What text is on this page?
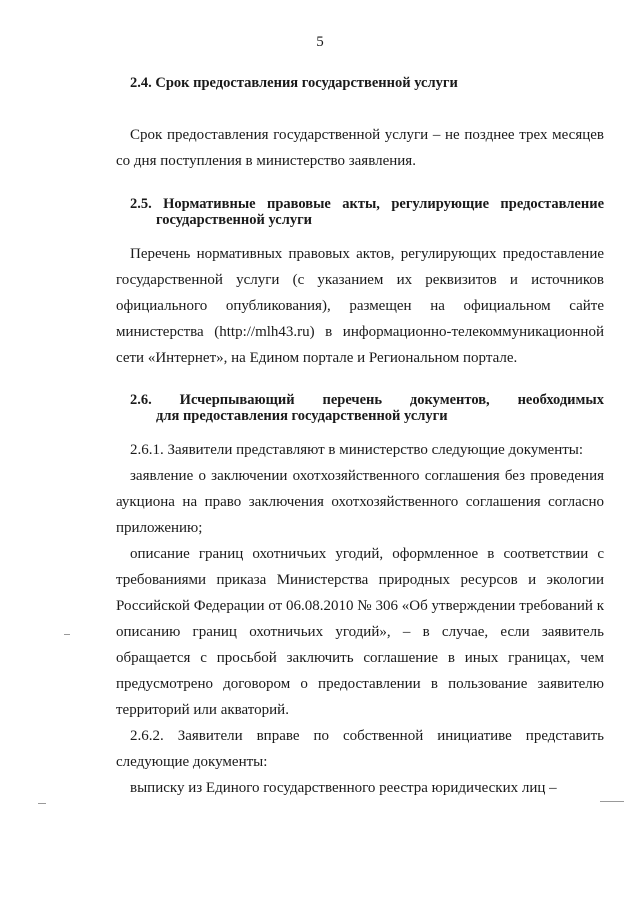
5
2.4. Срок предоставления государственной услуги

Срок предоставления государственной услуги – не позднее трех месяцев со дня поступления в министерство заявления.

2.5. Нормативные правовые акты, регулирующие предоставление
государственной услуги

Перечень нормативных правовых актов, регулирующих предоставление государственной услуги (с указанием их реквизитов и источников официального опубликования), размещен на официальном сайте министерства (http://mlh43.ru) в информационно-телекоммуникационной сети «Интернет», на Едином портале и Региональном портале.

2.6. Исчерпывающий перечень документов, необходимых
для предоставления государственной услуги

2.6.1. Заявители представляют в министерство следующие документы:

заявление о заключении охотхозяйственного соглашения без проведения аукциона на право заключения охотхозяйственного соглашения согласно приложению;

описание границ охотничьих угодий, оформленное в соответствии с требованиями приказа Министерства природных ресурсов и экологии Российской Федерации от 06.08.2010 № 306 «Об утверждении требований к описанию границ охотничьих угодий», – в случае, если заявитель обращается с просьбой заключить соглашение в иных границах, чем предусмотрено договором о предоставлении в пользование заявителю территорий или акваторий.

2.6.2. Заявители вправе по собственной инициативе представить следующие документы:

выписку из Единого государственного реестра юридических лиц –
